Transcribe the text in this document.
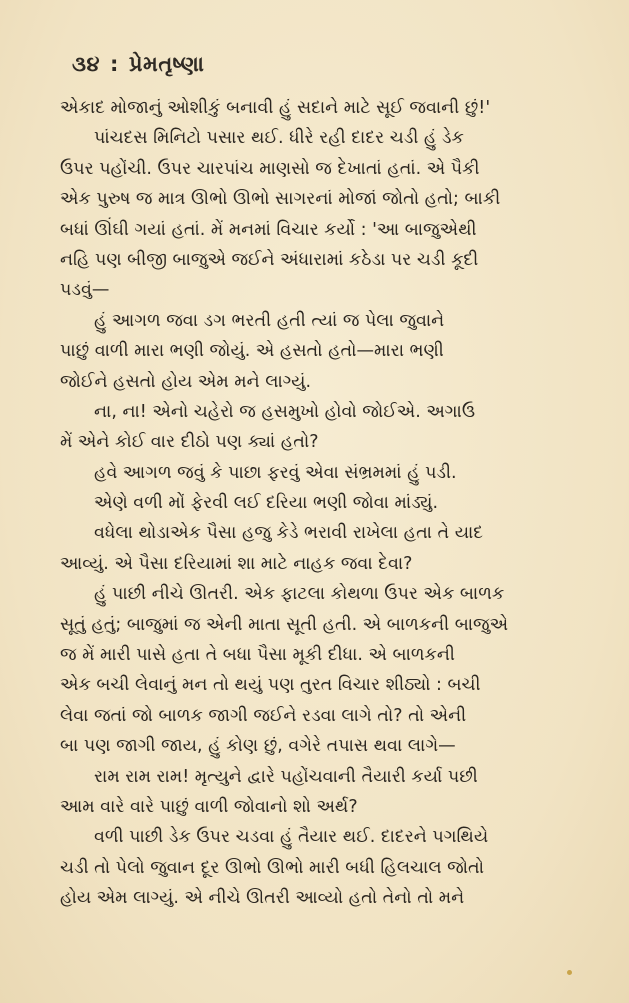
૩૪ : પ્રેમતૃષ્ણા
એકાદ મોજાનું ઓશીકું બનાવી હું સદાને માટે સૂઈ જવાની છું!'
પાંચદસ મિનિટો પસાર થઈ. ધીરે રહી દાદર ચડી હું ડેક
ઉપર પહોંચી. ઉપર ચારપાંચ માણસો જ દેખાતાં હતાં. એ પૈકી
એક પુરુષ જ માત્ર ઊભો ઊભો સાગરનાં મોજાં જોતો હતો; બાકી
બધાં ઊંઘી ગયાં હતાં. મેં મનમાં વિચાર કર્યો : 'આ બાજુએથી
નહિ પણ બીજી બાજુએ જઈને અંધારામાં કઠેડા પર ચડી કૂદી
પડવું—
હું આગળ જવા ડગ ભરતી હતી ત્યાં જ પેલા જુવાને
પાછું વાળી મારા ભણી જોયું. એ હસતો હતો—મારા ભણી
જોઈને હસતો હોય એમ મને લાગ્યું.
ના, ના! એનો ચહેરો જ હસમુખો હોવો જોઈએ. અગાઉ
મેં એને કોઈ વાર દીઠો પણ ક્યાં હતો?
હવે આગળ જવું કે પાછા ફરવું એવા સંભ્રમમાં હું પડી.
એણે વળી મોં ફેરવી લઈ દરિયા ભણી જોવા માંડ્યું.
વધેલા થોડાએક પૈસા હજુ કેડે ભરાવી રાખેલા હતા તે યાદ
આવ્યું. એ પૈસા દરિયામાં શા માટે નાહક જવા દેવા?
હું પાછી નીચે ઊતરી. એક ફાટલા કોથળા ઉપર એક બાળક
સૂતું હતું; બાજુમાં જ એની માતા સૂતી હતી. એ બાળકની બાજુએ
જ મેં મારી પાસે હતા તે બધા પૈસા મૂકી દીધા. એ બાળકની
એક બચી લેવાનું મન તો થયું પણ તુરત વિચાર શીઠ્યો : બચી
લેવા જતાં જો બાળક જાગી જઈને રડવા લાગે તો? તો એની
બા પણ જાગી જાય, હું કોણ છું, વગેરે તપાસ થવા લાગે—
રામ રામ રામ! મૃત્યુને દ્વારે પહોંચવાની તૈયારી કર્યા પછી
આમ વારે વારે પાછું વાળી જોવાનો શો અર્થ?
વળી પાછી ડેક ઉપર ચડવા હું તૈયાર થઈ. દાદરને પગથિયે
ચડી તો પેલો જુવાન દૂર ઊભો ઊભો મારી બધી હિલચાલ જોતો
હોય એમ લાગ્યું. એ નીચે ઊતરી આવ્યો હતો તેનો તો મને
